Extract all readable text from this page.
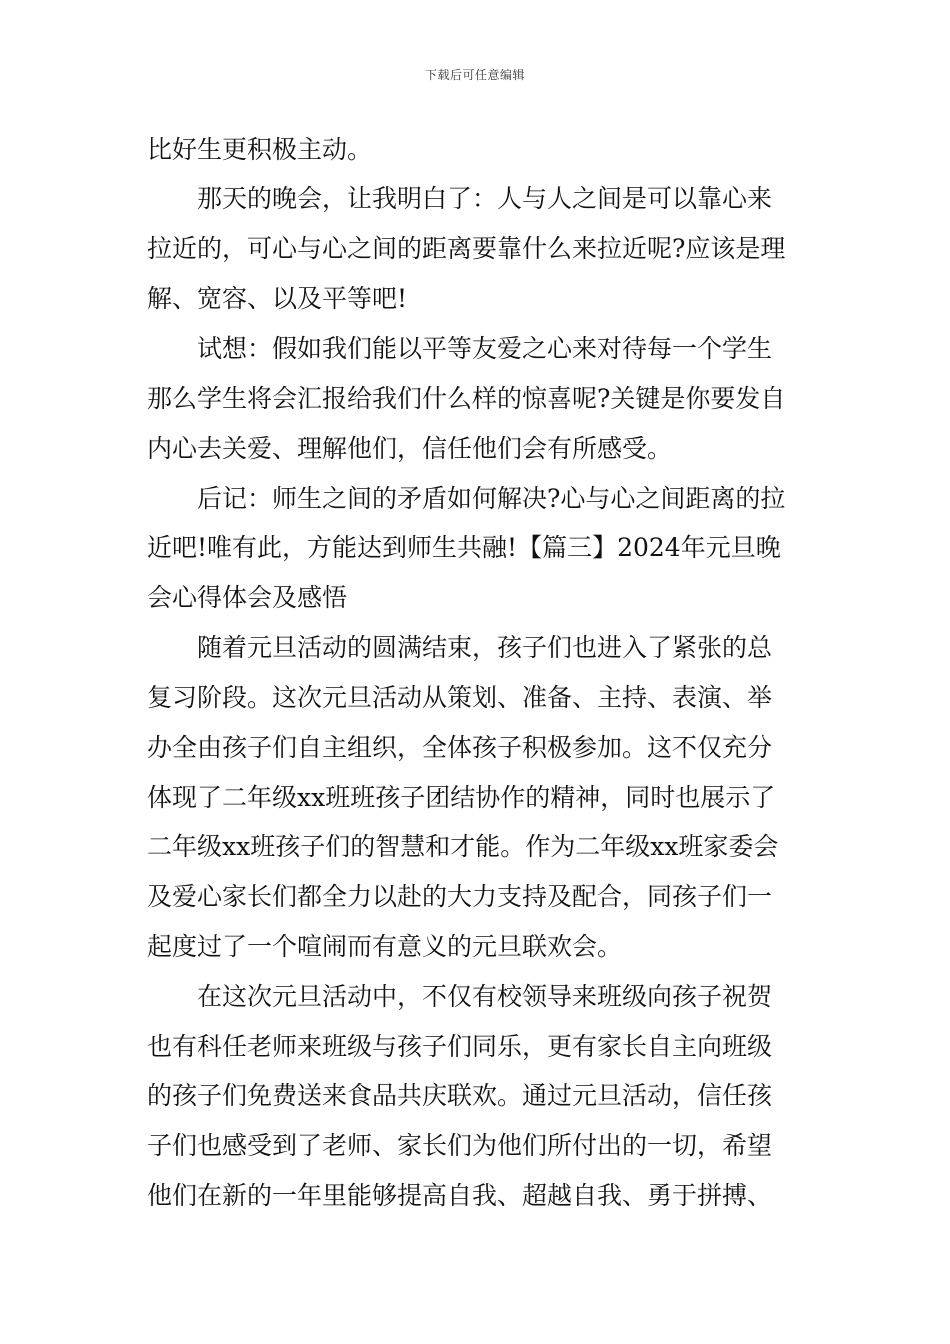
下载后可任意编辑
比好生更积极主动。
那天的晚会，让我明白了：人与人之间是可以靠心来
拉近的，可心与心之间的距离要靠什么来拉近呢?应该是理
解、宽容、以及平等吧!
试想：假如我们能以平等友爱之心来对待每一个学生
那么学生将会汇报给我们什么样的惊喜呢?关键是你要发自
内心去关爱、理解他们，信任他们会有所感受。
后记：师生之间的矛盾如何解决?心与心之间距离的拉
近吧!唯有此，方能达到师生共融!【篇三】2024年元旦晚
会心得体会及感悟
随着元旦活动的圆满结束，孩子们也进入了紧张的总
复习阶段。这次元旦活动从策划、准备、主持、表演、举
办全由孩子们自主组织，全体孩子积极参加。这不仅充分
体现了二年级xx班班孩子团结协作的精神，同时也展示了
二年级xx班孩子们的智慧和才能。作为二年级xx班家委会
及爱心家长们都全力以赴的大力支持及配合，同孩子们一
起度过了一个喧闹而有意义的元旦联欢会。
在这次元旦活动中，不仅有校领导来班级向孩子祝贺
也有科任老师来班级与孩子们同乐，更有家长自主向班级
的孩子们免费送来食品共庆联欢。通过元旦活动，信任孩
子们也感受到了老师、家长们为他们所付出的一切，希望
他们在新的一年里能够提高自我、超越自我、勇于拼搏、
